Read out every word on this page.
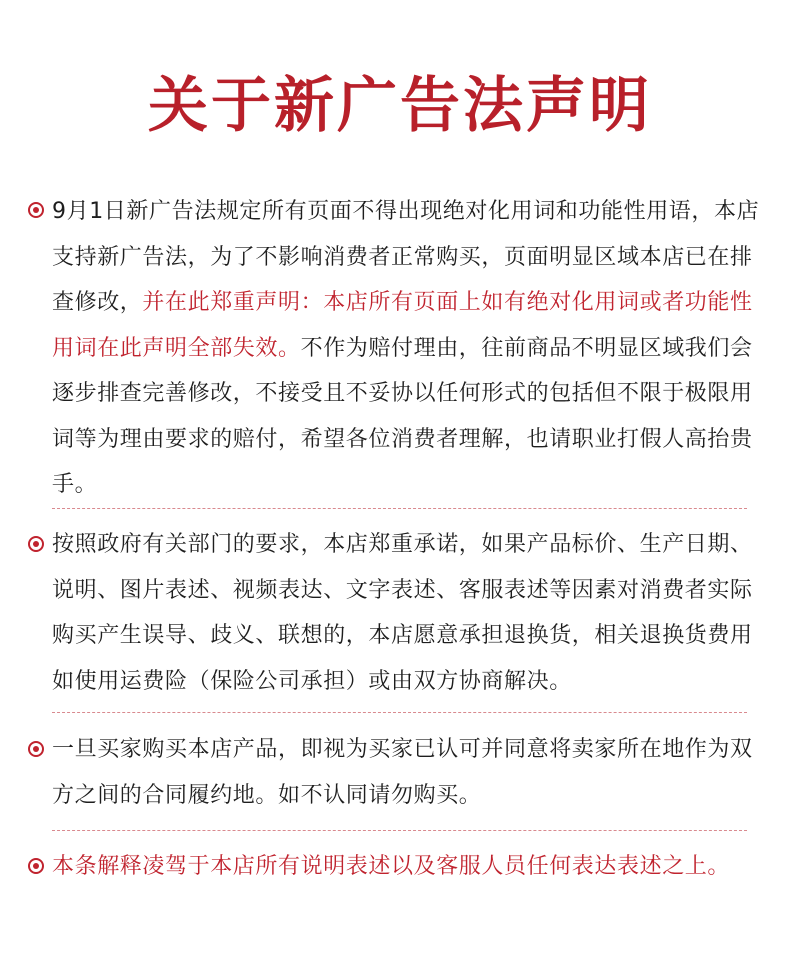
关于新广告法声明

9月1日新广告法规定所有页面不得出现绝对化用词和功能性用语，本店支持新广告法，为了不影响消费者正常购买，页面明显区域本店已在排查修改，并在此郑重声明：本店所有页面上如有绝对化用词或者功能性用词在此声明全部失效。不作为赔付理由，往前商品不明显区域我们会逐步排查完善修改，不接受且不妥协以任何形式的包括但不限于极限用词等为理由要求的赔付，希望各位消费者理解，也请职业打假人高抬贵手。

按照政府有关部门的要求，本店郑重承诺，如果产品标价、生产日期、说明、图片表述、视频表达、文字表述、客服表述等因素对消费者实际购买产生误导、歧义、联想的，本店愿意承担退换货，相关退换货费用如使用运费险（保险公司承担）或由双方协商解决。

一旦买家购买本店产品，即视为买家已认可并同意将卖家所在地作为双方之间的合同履约地。如不认同请勿购买。

本条解释凌驾于本店所有说明表述以及客服人员任何表达表述之上。
